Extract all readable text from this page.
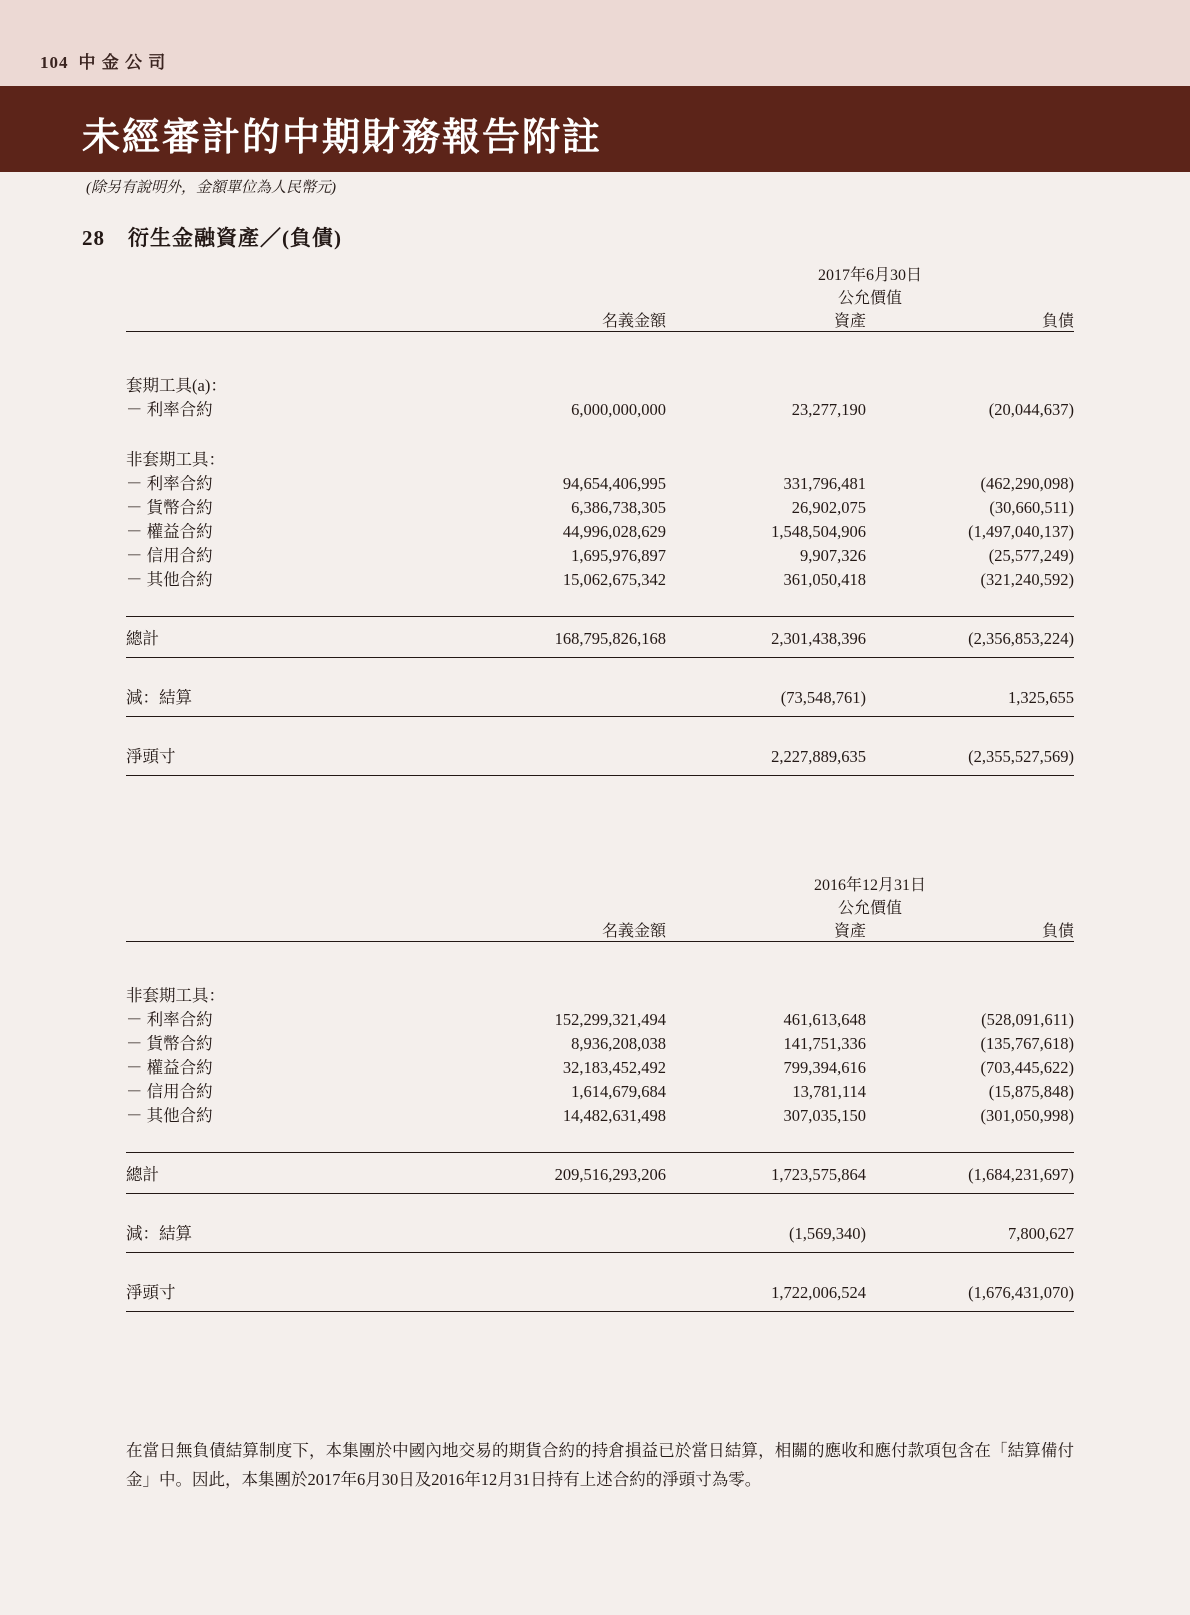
104 中 金 公 司
未經審計的中期財務報告附註
(除另有說明外，金額單位為人民幣元)
28 衍生金融資產／(負債)
		2017年6月30日	
		公允價值	
	名義金額	資產	負債

套期工具(a)：			
－ 利率合約	6,000,000,000	23,277,190	(20,044,637)

非套期工具：			
－ 利率合約	94,654,406,995	331,796,481	(462,290,098)
－ 貨幣合約	6,386,738,305	26,902,075	(30,660,511)
－ 權益合約	44,996,028,629	1,548,504,906	(1,497,040,137)
－ 信用合約	1,695,976,897	9,907,326	(25,577,249)
－ 其他合約	15,062,675,342	361,050,418	(321,240,592)

總計	168,795,826,168	2,301,438,396	(2,356,853,224)

減：結算		(73,548,761)	1,325,655

淨頭寸		2,227,889,635	(2,355,527,569)
		2016年12月31日	
		公允價值	
	名義金額	資產	負債

非套期工具：			
－ 利率合約	152,299,321,494	461,613,648	(528,091,611)
－ 貨幣合約	8,936,208,038	141,751,336	(135,767,618)
－ 權益合約	32,183,452,492	799,394,616	(703,445,622)
－ 信用合約	1,614,679,684	13,781,114	(15,875,848)
－ 其他合約	14,482,631,498	307,035,150	(301,050,998)

總計	209,516,293,206	1,723,575,864	(1,684,231,697)

減：結算		(1,569,340)	7,800,627

淨頭寸		1,722,006,524	(1,676,431,070)
在當日無負債結算制度下，本集團於中國內地交易的期貨合約的持倉損益已於當日結算，相關的應收和應付款項包含在「結算備付金」中。因此，本集團於2017年6月30日及2016年12月31日持有上述合約的淨頭寸為零。
